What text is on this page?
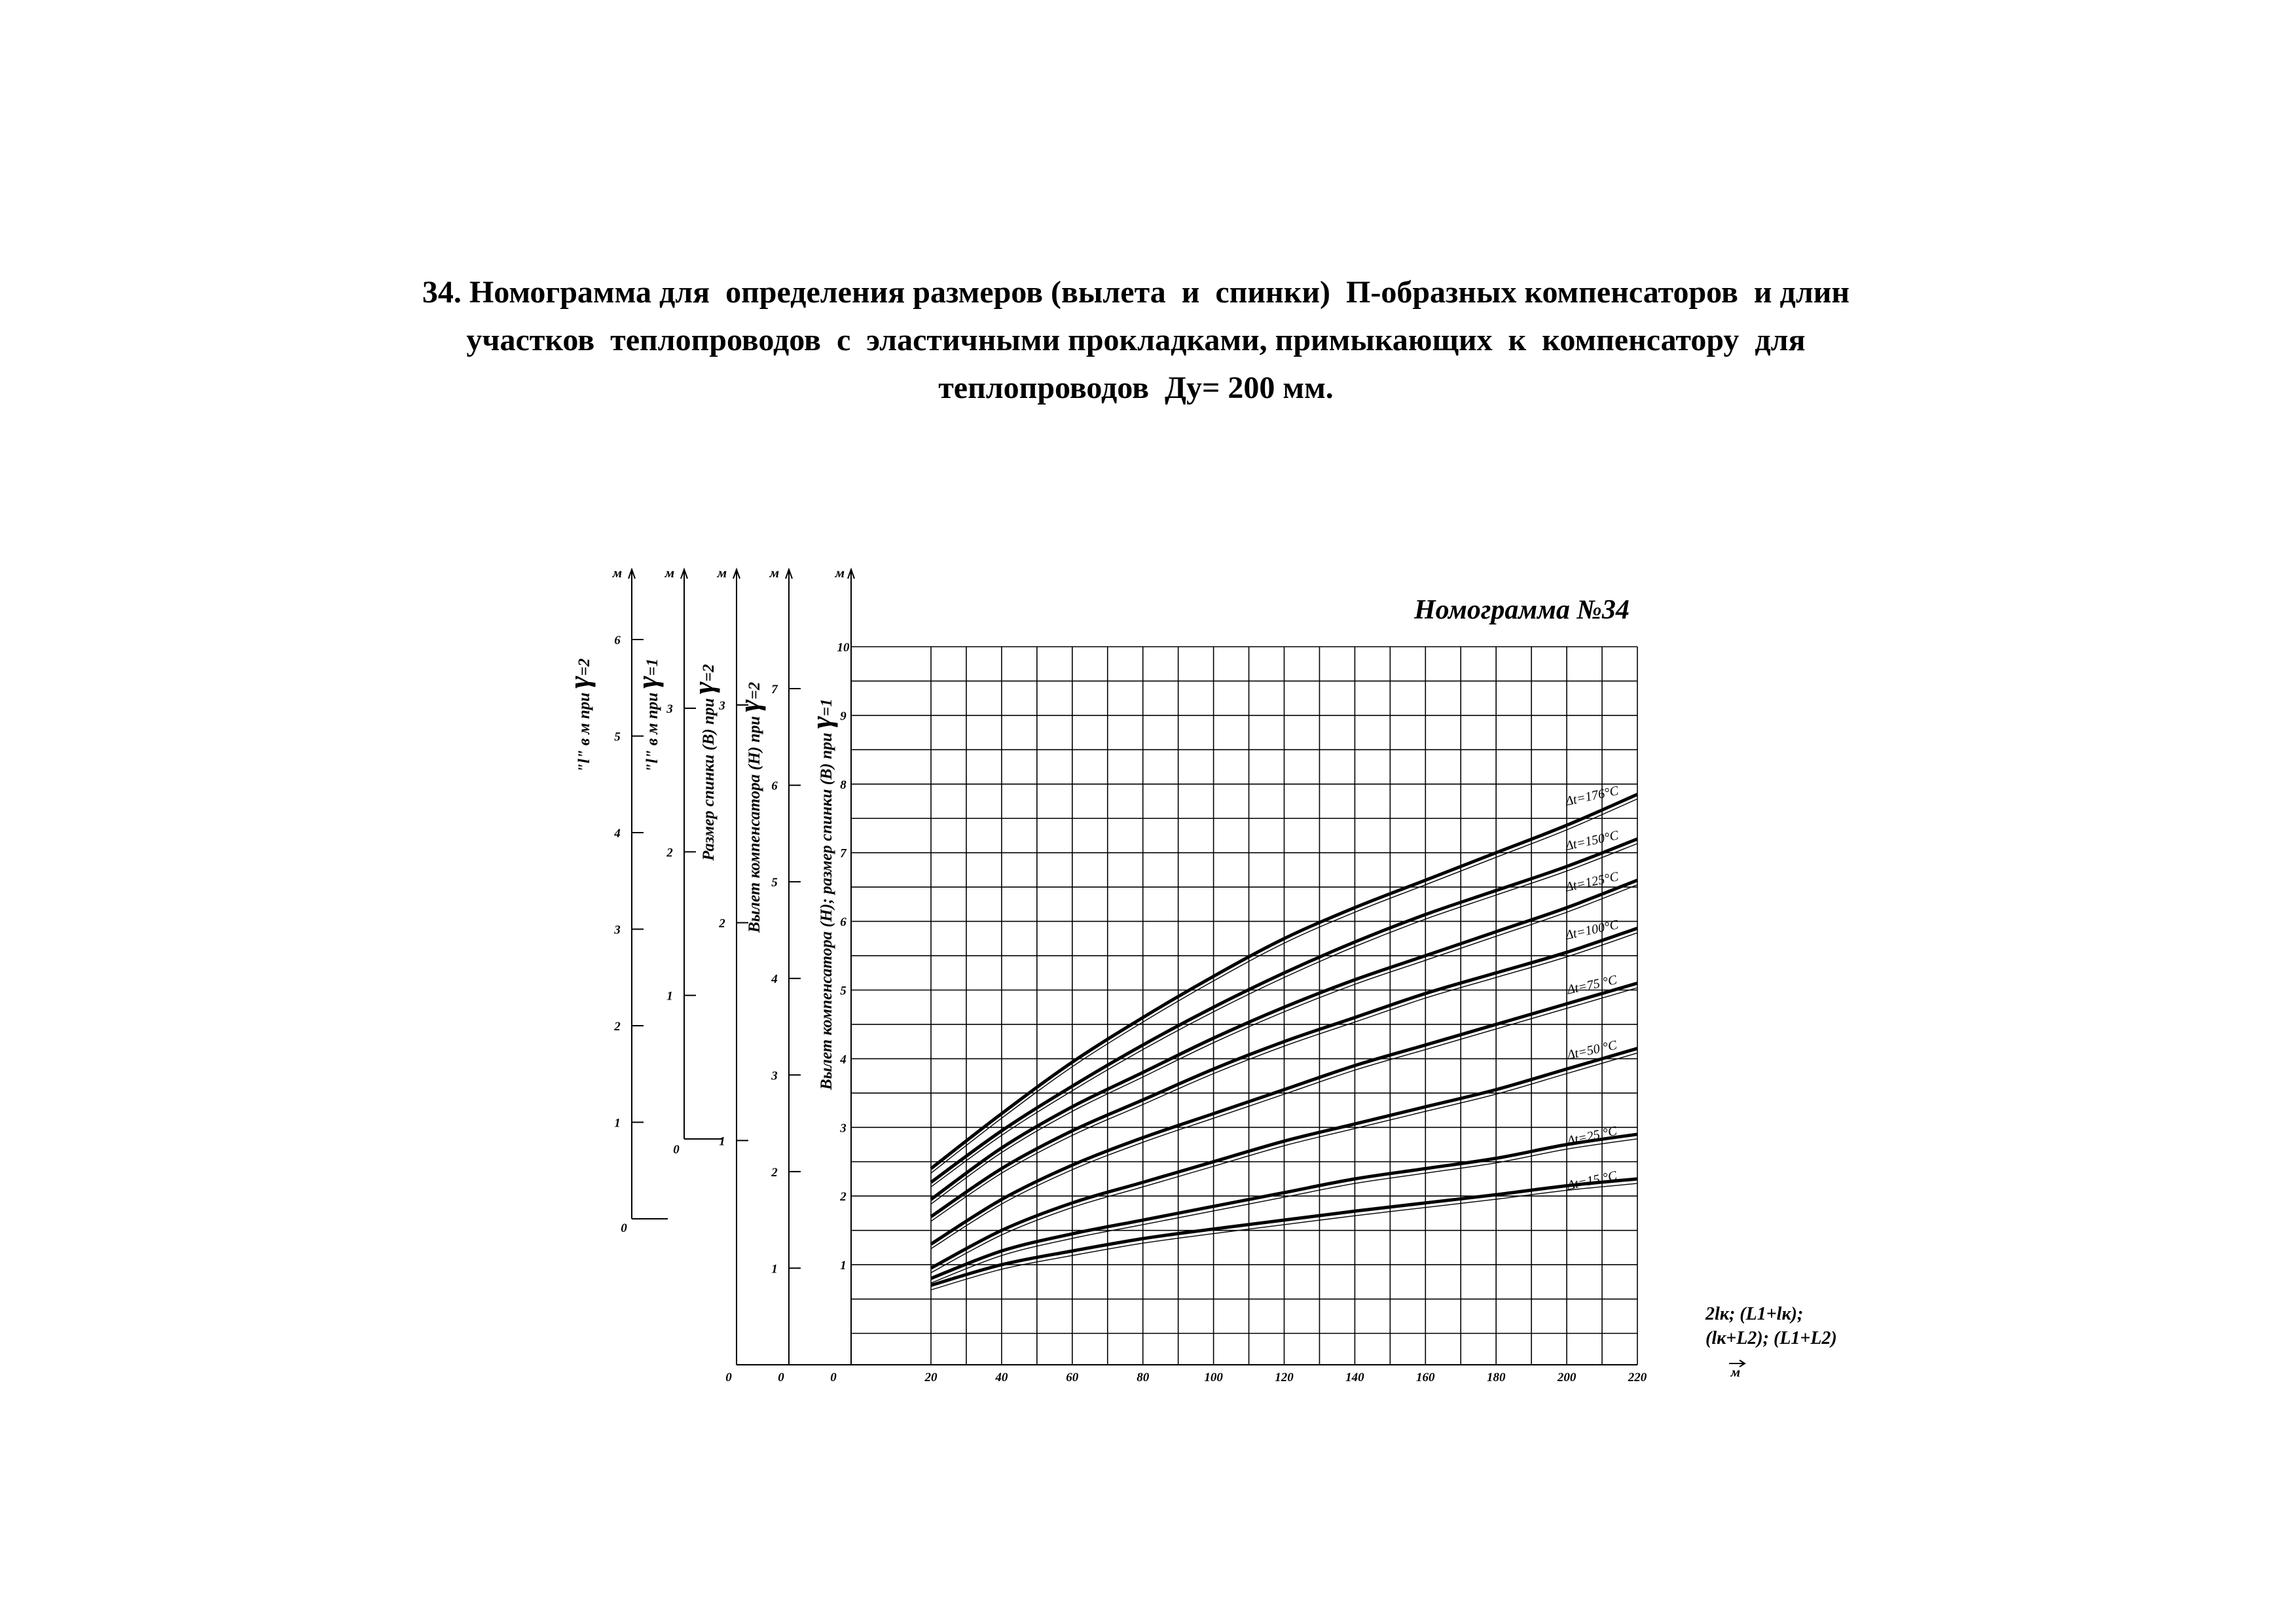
34. Номограмма для  определения размеров (вылета  и  спинки)  П-образных компенсаторов  и длин
участков  теплопроводов  с  эластичными прокладками, примыкающих  к  компенсатору  для
теплопроводов  Ду= 200 мм.
Номограмма №34
20	40	60	80	100	120	140	160	180	200	220	м
2lк; (L1+lк);
(lк+L2); (L1+L2)
1
2
3
4
5
6
0
м
"l" в м при γ=2
1
2
3
0
м
"l" в м при γ=1
1
2
3
0
м
Размер спинки (В) при γ=2
1
2
3
4
5
6
7
0
м
Вылет компенсатора (Н) при γ=2
1
2
3
4
5
6
7
8
9
10
0
м
Вылет компенсатора (Н); размер спинки (В) при γ=1
Δt=176°C
Δt=150°C
Δt=125°C
Δt=100°C
Δt=75 °C
Δt=50 °C
Δt=25 °C
Δt=15 °C
